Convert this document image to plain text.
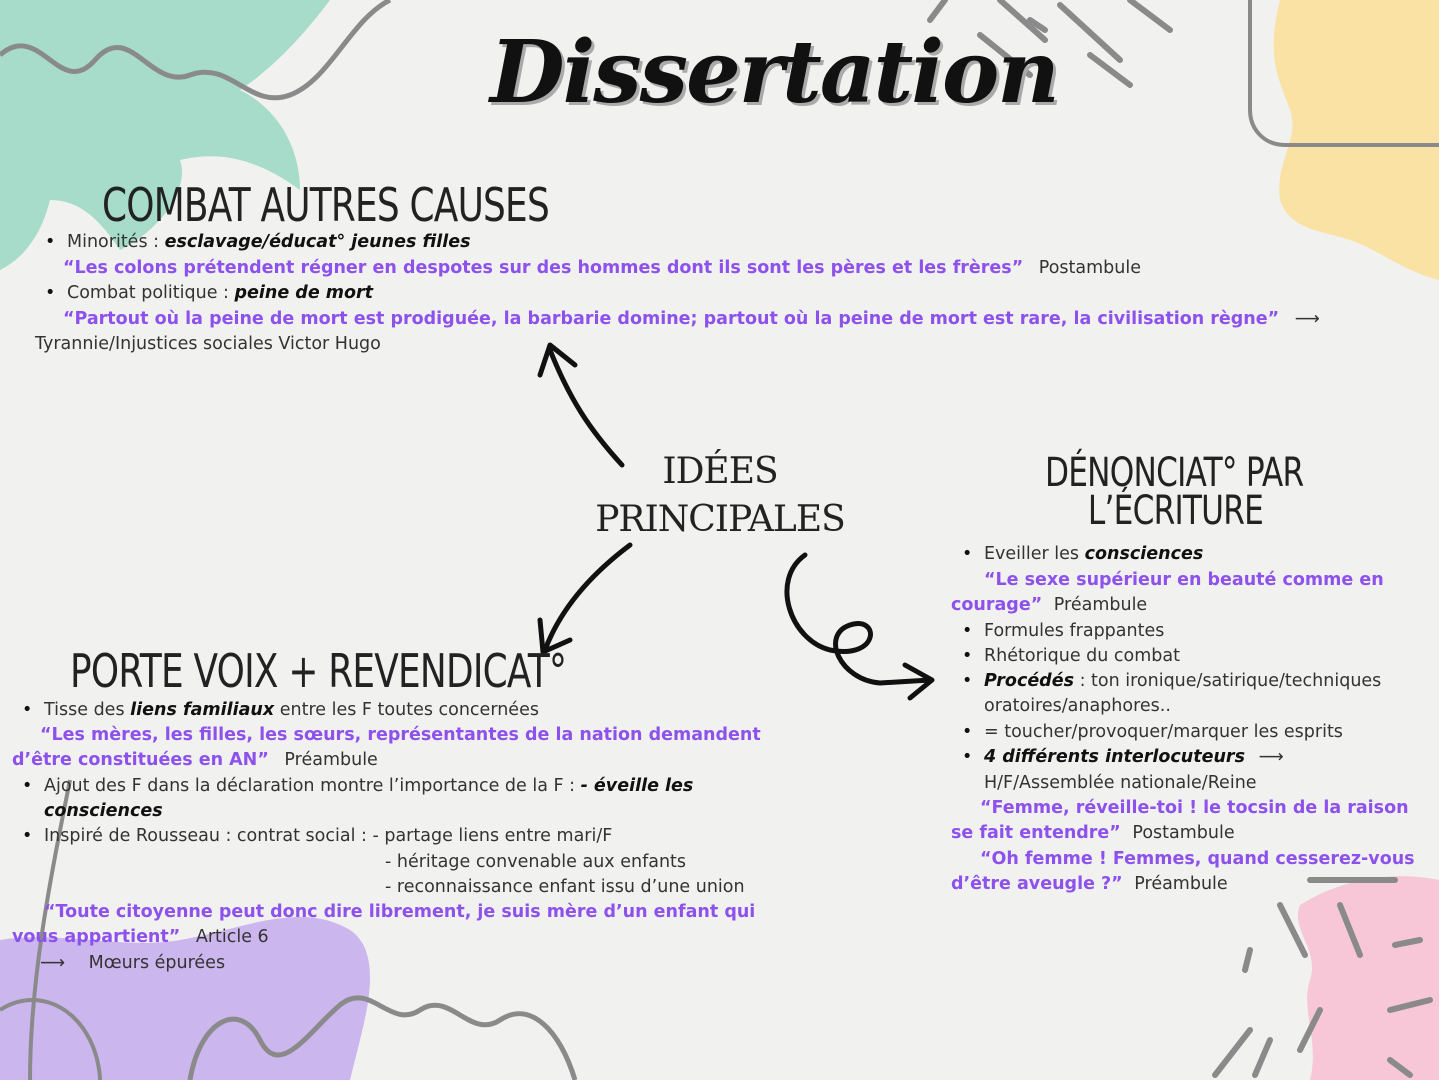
Dissertation
IDÉES
PRINCIPALES
COMBAT AUTRES CAUSES
• Minorités : esclavage/éducat° jeunes filles
“Les colons prétendent régner en despotes sur des hommes dont ils sont les pères et les frères” Postambule
• Combat politique : peine de mort
“Partout où la peine de mort est prodiguée, la barbarie domine; partout où la peine de mort est rare, la civilisation règne” ⟶
Tyrannie/Injustices sociales Victor Hugo
PORTE VOIX + REVENDICAT°
• Tisse des liens familiaux entre les F toutes concernées
“Les mères, les filles, les sœurs, représentantes de la nation demandent
d’être constituées en AN” Préambule
• Ajout des F dans la déclaration montre l’importance de la F : - éveille les
consciences
• Inspiré de Rousseau : contrat social : - partage liens entre mari/F
- héritage convenable aux enfants
- reconnaissance enfant issu d’une union
“Toute citoyenne peut donc dire librement, je suis mère d’un enfant qui
vous appartient” Article 6
⟶ Mœurs épurées
DÉNONCIAT° PAR
L’ÉCRITURE
• Eveiller les consciences
“Le sexe supérieur en beauté comme en
courage” Préambule
• Formules frappantes
• Rhétorique du combat
• Procédés : ton ironique/satirique/techniques
oratoires/anaphores..
• = toucher/provoquer/marquer les esprits
• 4 différents interlocuteurs ⟶
H/F/Assemblée nationale/Reine
“Femme, réveille-toi ! le tocsin de la raison
se fait entendre” Postambule
“Oh femme ! Femmes, quand cesserez-vous
d’être aveugle ?” Préambule
